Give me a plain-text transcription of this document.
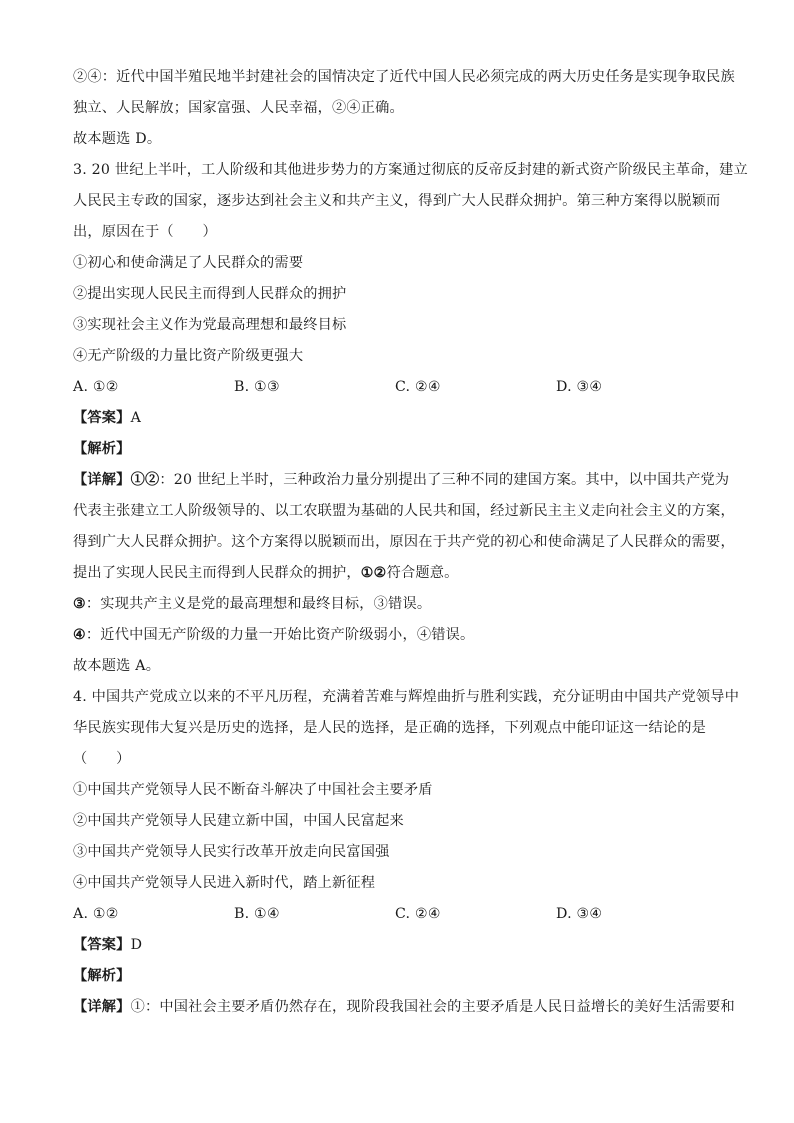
②④：近代中国半殖民地半封建社会的国情决定了近代中国人民必须完成的两大历史任务是实现争取民族
独立、人民解放；国家富强、人民幸福，②④正确。
故本题选 D。
3. 20 世纪上半叶，工人阶级和其他进步势力的方案通过彻底的反帝反封建的新式资产阶级民主革命，建立
人民民主专政的国家，逐步达到社会主义和共产主义，得到广大人民群众拥护。第三种方案得以脱颖而
出，原因在于（　　）
①初心和使命满足了人民群众的需要
②提出实现人民民主而得到人民群众的拥护
③实现社会主义作为党最高理想和最终目标
④无产阶级的力量比资产阶级更强大
A. ①②	B. ①③	C. ②④	D. ③④
【答案】A
【解析】
【详解】①②：20 世纪上半时，三种政治力量分别提出了三种不同的建国方案。其中，以中国共产党为
代表主张建立工人阶级领导的、以工农联盟为基础的人民共和国，经过新民主主义走向社会主义的方案，
得到广大人民群众拥护。这个方案得以脱颖而出，原因在于共产党的初心和使命满足了人民群众的需要，
提出了实现人民民主而得到人民群众的拥护，①②符合题意。
③：实现共产主义是党的最高理想和最终目标，③错误。
④：近代中国无产阶级的力量一开始比资产阶级弱小，④错误。
故本题选 A。
4. 中国共产党成立以来的不平凡历程，充满着苦难与辉煌曲折与胜利实践，充分证明由中国共产党领导中
华民族实现伟大复兴是历史的选择，是人民的选择，是正确的选择，下列观点中能印证这一结论的是
（　　）
①中国共产党领导人民不断奋斗解决了中国社会主要矛盾
②中国共产党领导人民建立新中国，中国人民富起来
③中国共产党领导人民实行改革开放走向民富国强
④中国共产党领导人民进入新时代，踏上新征程
A. ①②	B. ①④	C. ②④	D. ③④
【答案】D
【解析】
【详解】①：中国社会主要矛盾仍然存在，现阶段我国社会的主要矛盾是人民日益增长的美好生活需要和
